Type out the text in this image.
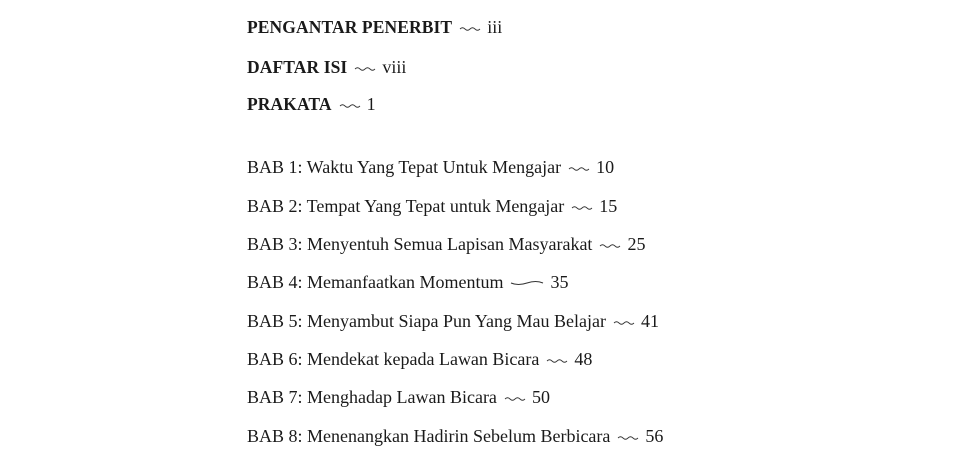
PENGANTAR PENERBIT iii
DAFTAR ISI viii
PRAKATA 1
BAB 1: Waktu Yang Tepat Untuk Mengajar 10
BAB 2: Tempat Yang Tepat untuk Mengajar 15
BAB 3: Menyentuh Semua Lapisan Masyarakat 25
BAB 4: Memanfaatkan Momentum	35
BAB 5: Menyambut Siapa Pun Yang Mau Belajar 41
BAB 6: Mendekat kepada Lawan Bicara 48
BAB 7: Menghadap Lawan Bicara 50
BAB 8: Menenangkan Hadirin Sebelum Berbicara 56
